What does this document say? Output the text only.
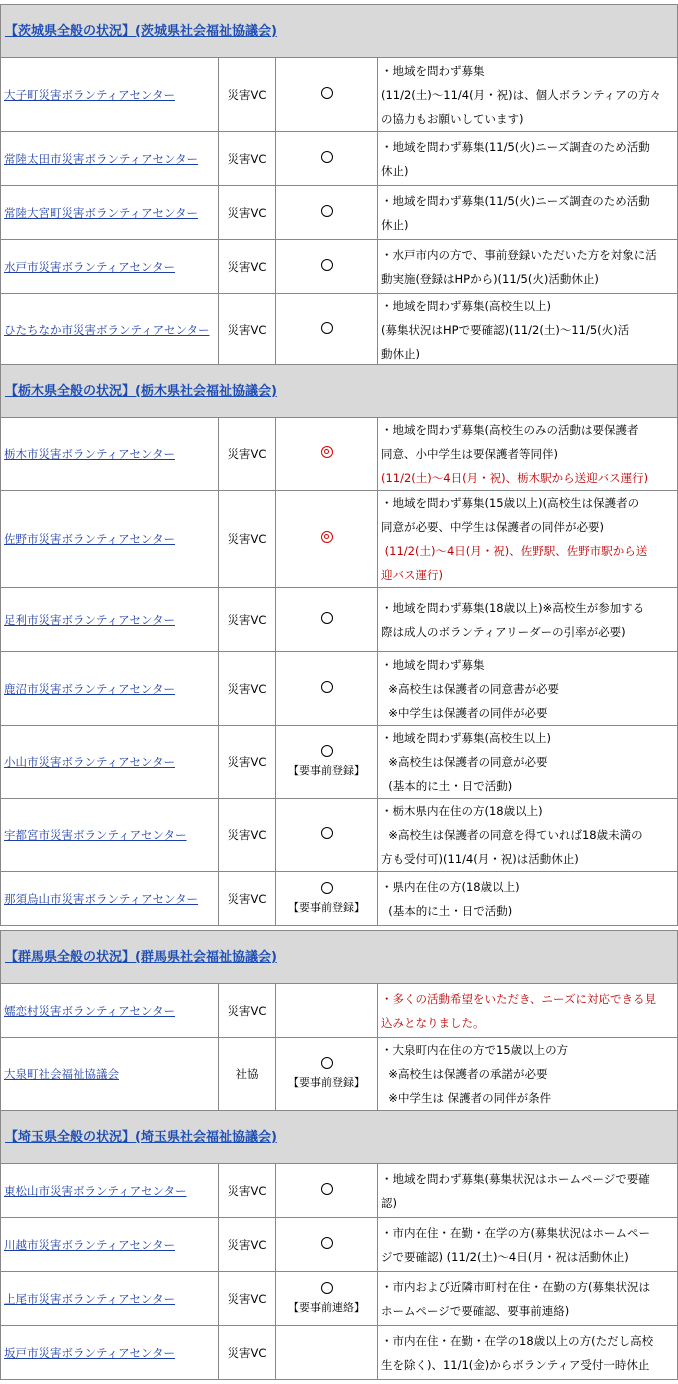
【茨城県全般の状況】(茨城県社会福祉協議会)			
大子町災害ボランティアセンター	災害VC		・地域を問わず募集
(11/2(土)〜11/4(月・祝)は、個人ボランティアの方々
の協力もお願いしています)

常陸太田市災害ボランティアセンター	災害VC		・地域を問わず募集(11/5(火)ニーズ調査のため活動
休止)

常陸大宮町災害ボランティアセンター	災害VC		・地域を問わず募集(11/5(火)ニーズ調査のため活動
休止)

水戸市災害ボランティアセンター	災害VC		・水戸市内の方で、事前登録いただいた方を対象に活
動実施(登録はHPから)(11/5(火)活動休止)

ひたちなか市災害ボランティアセンター	災害VC		・地域を問わず募集(高校生以上)
(募集状況はHPで要確認)(11/2(土)〜11/5(火)活
動休止)
【栃木県全般の状況】(栃木県社会福祉協議会)			
栃木市災害ボランティアセンター	災害VC		・地域を問わず募集(高校生のみの活動は要保護者
同意、小中学生は要保護者等同伴)
(11/2(土)〜4日(月・祝)、栃木駅から送迎バス運行)

佐野市災害ボランティアセンター	災害VC		・地域を問わず募集(15歳以上)(高校生は保護者の
同意が必要、中学生は保護者の同伴が必要)
(11/2(土)〜4日(月・祝)、佐野駅、佐野市駅から送
迎バス運行)

足利市災害ボランティアセンター	災害VC		・地域を問わず募集(18歳以上)※高校生が参加する
際は成人のボランティアリーダーの引率が必要)

鹿沼市災害ボランティアセンター	災害VC		・地域を問わず募集
※高校生は保護者の同意書が必要
※中学生は保護者の同伴が必要

小山市災害ボランティアセンター	災害VC	【要事前登録】	・地域を問わず募集(高校生以上)
※高校生は保護者の同意が必要
(基本的に土・日で活動)

宇都宮市災害ボランティアセンター	災害VC		・栃木県内在住の方(18歳以上)
※高校生は保護者の同意を得ていれば18歳未満の
方も受付可)(11/4(月・祝)は活動休止)

那須烏山市災害ボランティアセンター	災害VC	【要事前登録】	・県内在住の方(18歳以上)
(基本的に土・日で活動)
【群馬県全般の状況】(群馬県社会福祉協議会)			
嬬恋村災害ボランティアセンター	災害VC		・多くの活動希望をいただき、ニーズに対応できる見
込みとなりました。

大泉町社会福祉協議会	社協	【要事前登録】	・大泉町内在住の方で15歳以上の方
※高校生は保護者の承諾が必要
※中学生は 保護者の同伴が条件
【埼玉県全般の状況】(埼玉県社会福祉協議会)			
東松山市災害ボランティアセンター	災害VC		・地域を問わず募集(募集状況はホームページで要確
認)

川越市災害ボランティアセンター	災害VC		・市内在住・在勤・在学の方(募集状況はホームペー
ジで要確認) (11/2(土)〜4日(月・祝は活動休止)

上尾市災害ボランティアセンター	災害VC	【要事前連絡】	・市内および近隣市町村在住・在勤の方(募集状況は
ホームページで要確認、要事前連絡)

坂戸市災害ボランティアセンター	災害VC		・市内在住・在勤・在学の18歳以上の方(ただし高校
生を除く)、11/1(金)からボランティア受付一時休止
